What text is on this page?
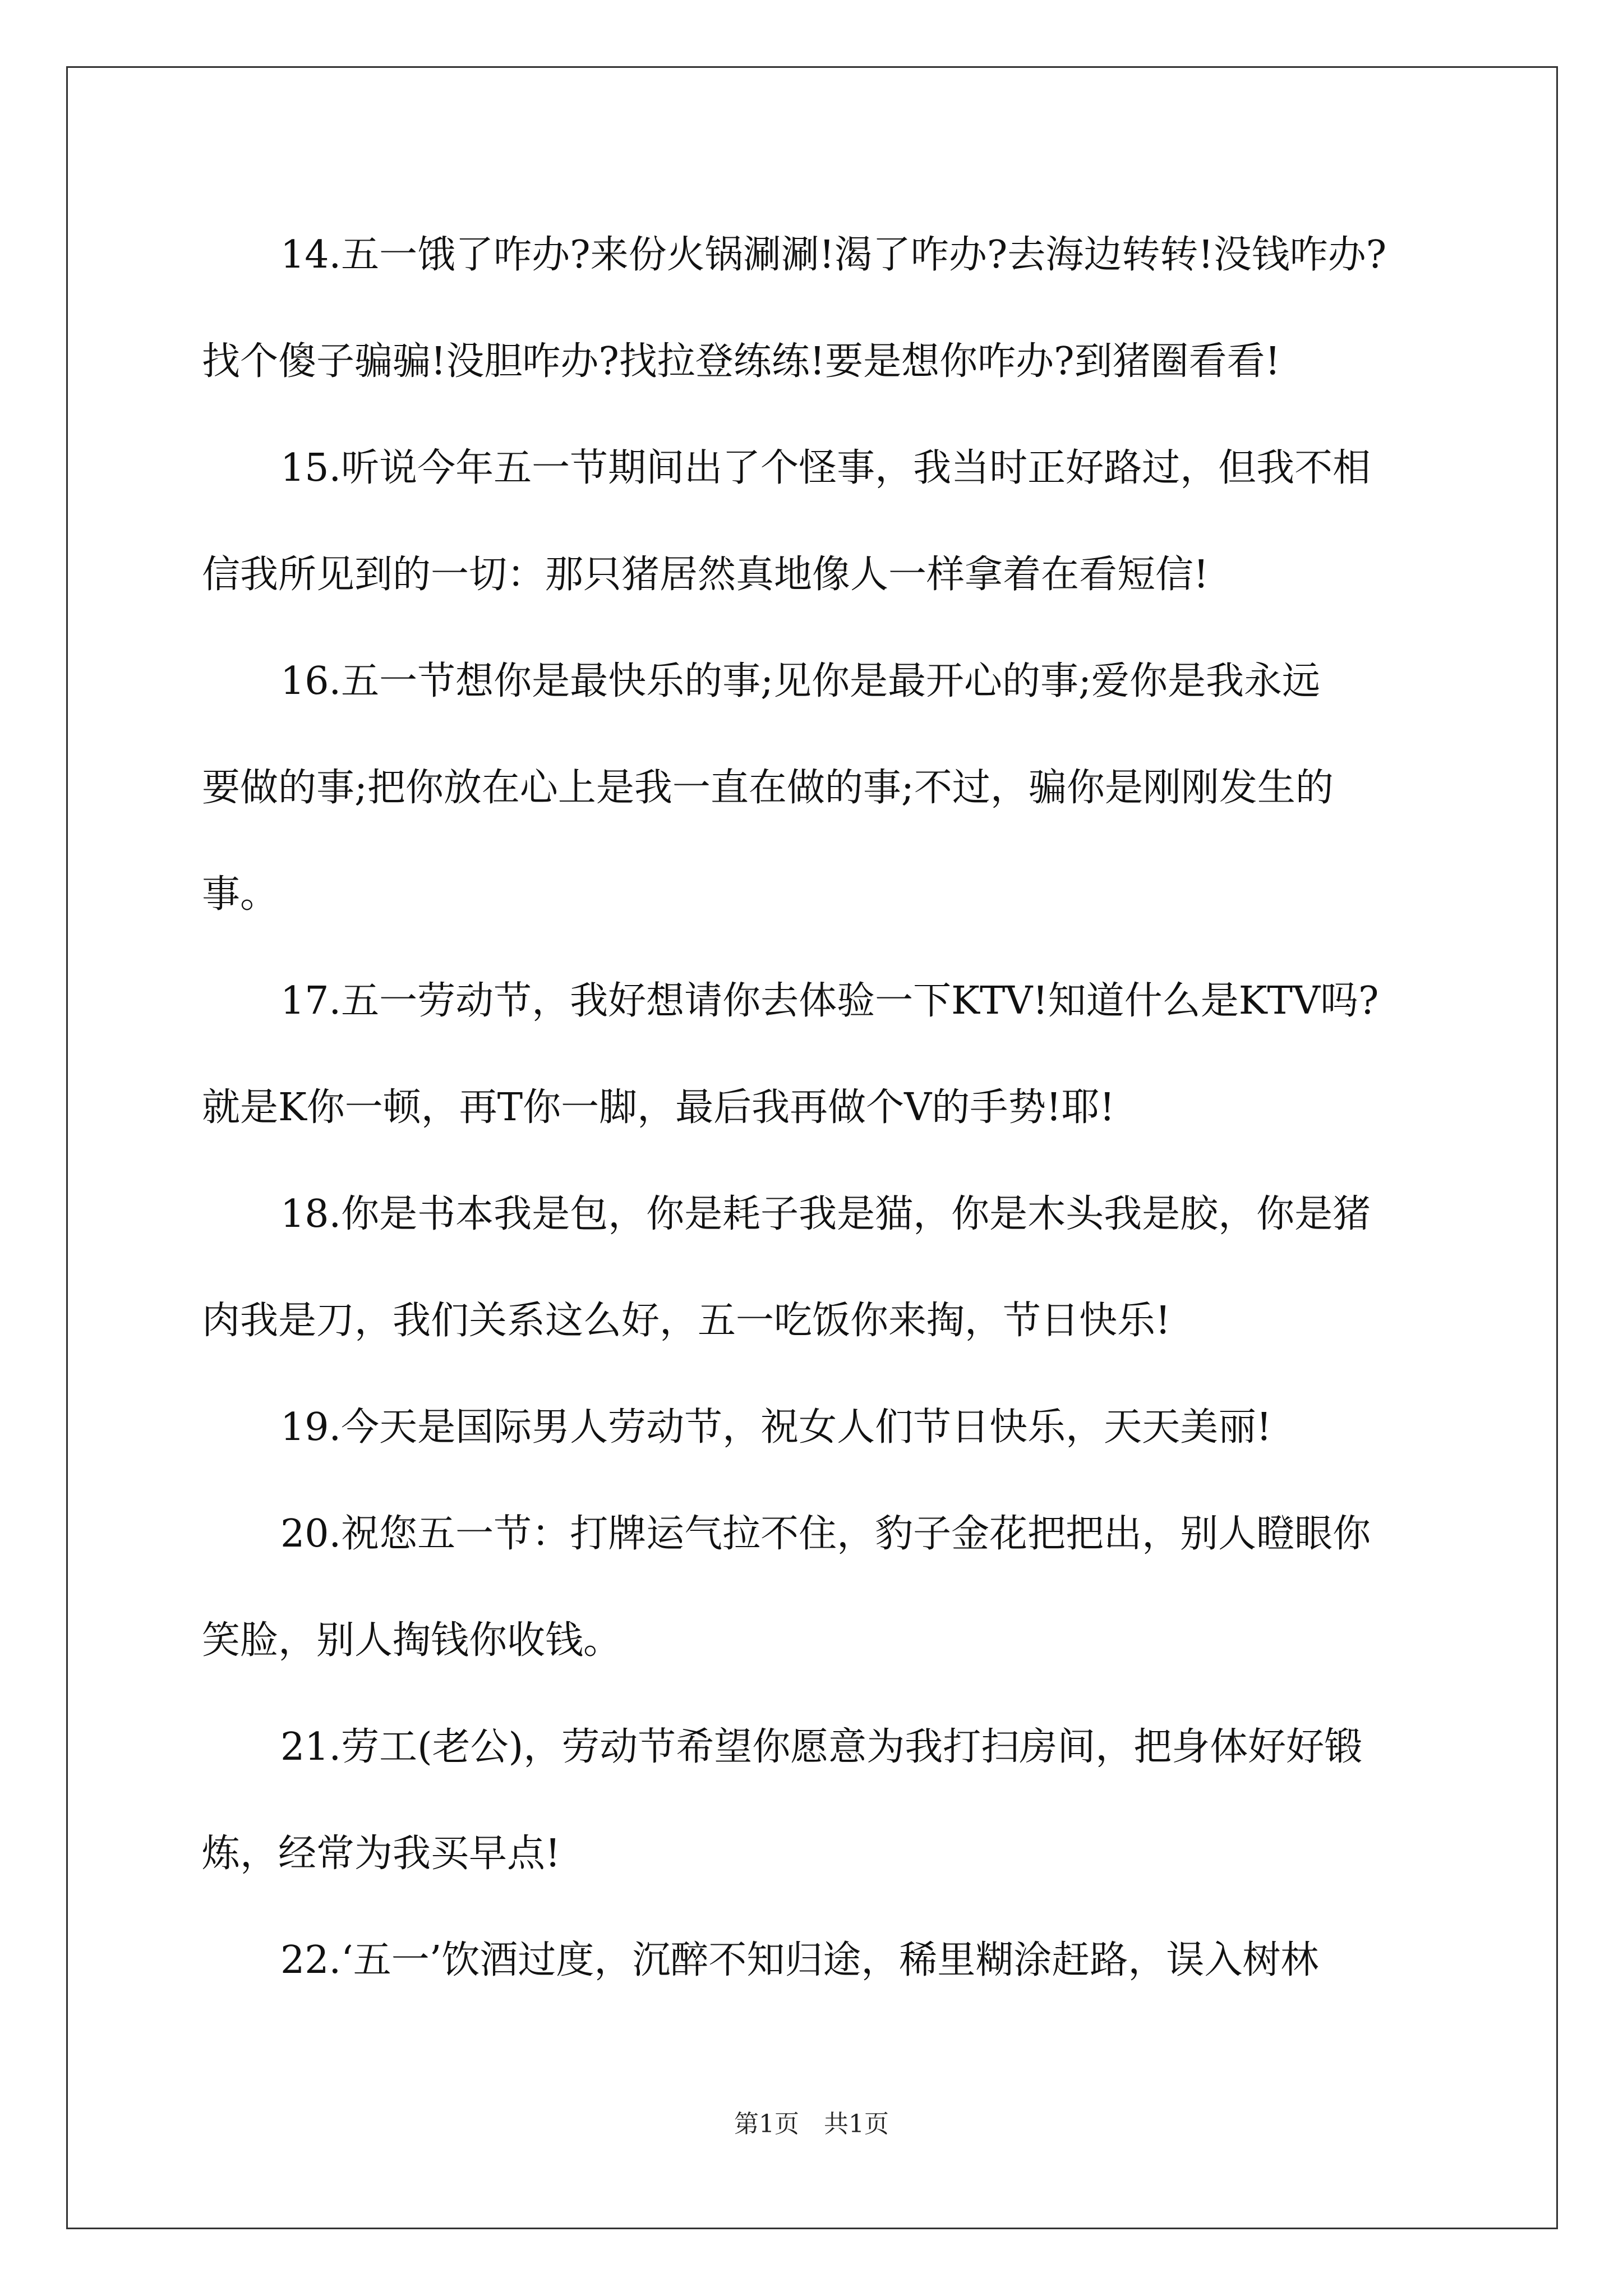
14.五一饿了咋办?来份火锅涮涮!渴了咋办?去海边转转!没钱咋办?

找个傻子骗骗!没胆咋办?找拉登练练!要是想你咋办?到猪圈看看!

15.听说今年五一节期间出了个怪事，我当时正好路过，但我不相

信我所见到的一切：那只猪居然真地像人一样拿着在看短信!

16.五一节想你是最快乐的事;见你是最开心的事;爱你是我永远

要做的事;把你放在心上是我一直在做的事;不过，骗你是刚刚发生的

事。

17.五一劳动节，我好想请你去体验一下KTV!知道什么是KTV吗?

就是K你一顿，再T你一脚，最后我再做个V的手势!耶!

18.你是书本我是包，你是耗子我是猫，你是木头我是胶，你是猪

肉我是刀，我们关系这么好，五一吃饭你来掏，节日快乐!

19.今天是国际男人劳动节，祝女人们节日快乐，天天美丽!

20.祝您五一节：打牌运气拉不住，豹子金花把把出，别人瞪眼你

笑脸，别人掏钱你收钱。

21.劳工(老公)，劳动节希望你愿意为我打扫房间，把身体好好锻

炼，经常为我买早点!

22.‘五一’饮酒过度，沉醉不知归途，稀里糊涂赶路，误入树林

第1页　共1页
